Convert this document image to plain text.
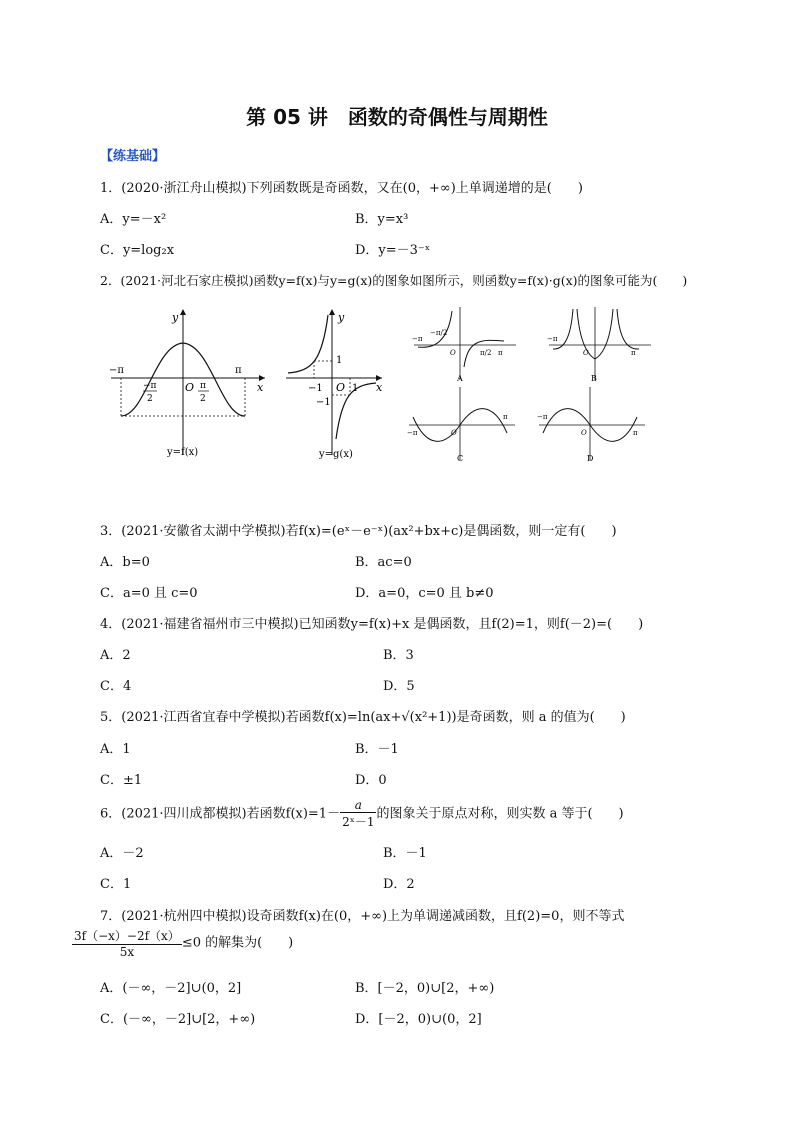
第 05 讲　函数的奇偶性与周期性
【练基础】
1．(2020·浙江舟山模拟)下列函数既是奇函数，又在(0，+∞)上单调递增的是(　　)
A．y=－x²	B．y=x³
C．y=log₂x	D．y=－3⁻ˣ
2．(2021·河北石家庄模拟)函数y=f(x)与y=g(x)的图象如图所示，则函数y=f(x)·g(x)的图象可能为(　　)
y
x
−π	π
O
−π
2
π
2
y=f(x)
y
x
1
−1
−1
O 1
y=g(x)
−π
−π/2
O	π/2 π
A
−π
O	π
B
−π	O
π
C
−π
O	π
D
3．(2021·安徽省太湖中学模拟)若f(x)=(eˣ－e⁻ˣ)(ax²+bx+c)是偶函数，则一定有(　　)
A．b=0	B．ac=0
C．a=0 且 c=0	D．a=0，c=0 且 b≠0
4．(2021·福建省福州市三中模拟)已知函数y=f(x)+x 是偶函数，且f(2)=1，则f(－2)=(　　)
A．2	B．3
C．4	D．5
5．(2021·江西省宜春中学模拟)若函数f(x)=ln(ax+√(x²+1))是奇函数，则 a 的值为(　　)
A．1	B．－1
C．±1	D．0
6．(2021·四川成都模拟)若函数$f(x)=1- \frac{a}{\text{2ˣ－1}}$ 的图象关于原点对称，则实数 a 等于(　　)
A．－2	B．－1
C．1	D．2
7．(2021·杭州四中模拟)设奇函数f(x)在(0，+∞)上为单调递减函数，且f(2)=0，则不等式
$\frac{3f(-x)-2f(x)}{5x} \le 0$ 的解集为(　　)
A．(－∞，－2]∪(0，2]	B．[－2，0)∪[2，+∞)
C．(－∞，－2]∪[2，+∞)	D．[－2，0)∪(0，2]
